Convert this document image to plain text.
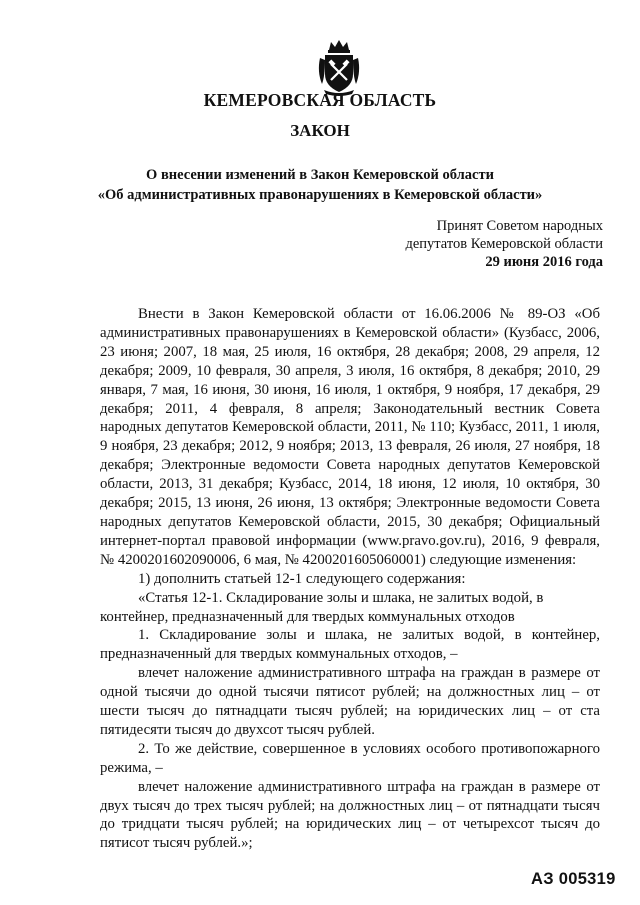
КЕМЕРОВСКАЯ ОБЛАСТЬ
ЗАКОН
О внесении изменений в Закон Кемеровской области
«Об административных правонарушениях в Кемеровской области»
Принят Советом народных
депутатов Кемеровской области
29 июня 2016 года

Внести в Закон Кемеровской области от 16.06.2006 № 89-ОЗ «Об административных правонарушениях в Кемеровской области» (Кузбасс, 2006, 23 июня; 2007, 18 мая, 25 июля, 16 октября, 28 декабря; 2008, 29 апреля, 12 декабря; 2009, 10 февраля, 30 апреля, 3 июля, 16 октября, 8 декабря; 2010, 29 января, 7 мая, 16 июня, 30 июня, 16 июля, 1 октября, 9 ноября, 17 декабря, 29 декабря; 2011, 4 февраля, 8 апреля; Законодательный вестник Совета народных депутатов Кемеровской области, 2011, № 110; Кузбасс, 2011, 1 июля, 9 ноября, 23 декабря; 2012, 9 ноября; 2013, 13 февраля, 26 июля, 27 ноября, 18 декабря; Электронные ведомости Совета народных депутатов Кемеровской области, 2013, 31 декабря; Кузбасс, 2014, 18 июня, 12 июля, 10 октября, 30 декабря; 2015, 13 июня, 26 июня, 13 октября; Электронные ведомости Совета народных депутатов Кемеровской области, 2015, 30 декабря; Официальный интернет-портал правовой информации (www.pravo.gov.ru), 2016, 9 февраля, № 4200201602090006, 6 мая, № 4200201605060001) следующие изменения:

1) дополнить статьей 12-1 следующего содержания:

«Статья 12-1. Складирование золы и шлака, не залитых водой, в

контейнер, предназначенный для твердых коммунальных отходов

1. Складирование золы и шлака, не залитых водой, в контейнер, предназначенный для твердых коммунальных отходов, –

влечет наложение административного штрафа на граждан в размере от одной тысячи до одной тысячи пятисот рублей; на должностных лиц – от шести тысяч до пятнадцати тысяч рублей; на юридических лиц – от ста пятидесяти тысяч до двухсот тысяч рублей.

2. То же действие, совершенное в условиях особого противопожарного режима, –

влечет наложение административного штрафа на граждан в размере от двух тысяч до трех тысяч рублей; на должностных лиц – от пятнадцати тысяч до тридцати тысяч рублей; на юридических лиц – от четырехсот тысяч до пятисот тысяч рублей.»;

АЗ 005319
